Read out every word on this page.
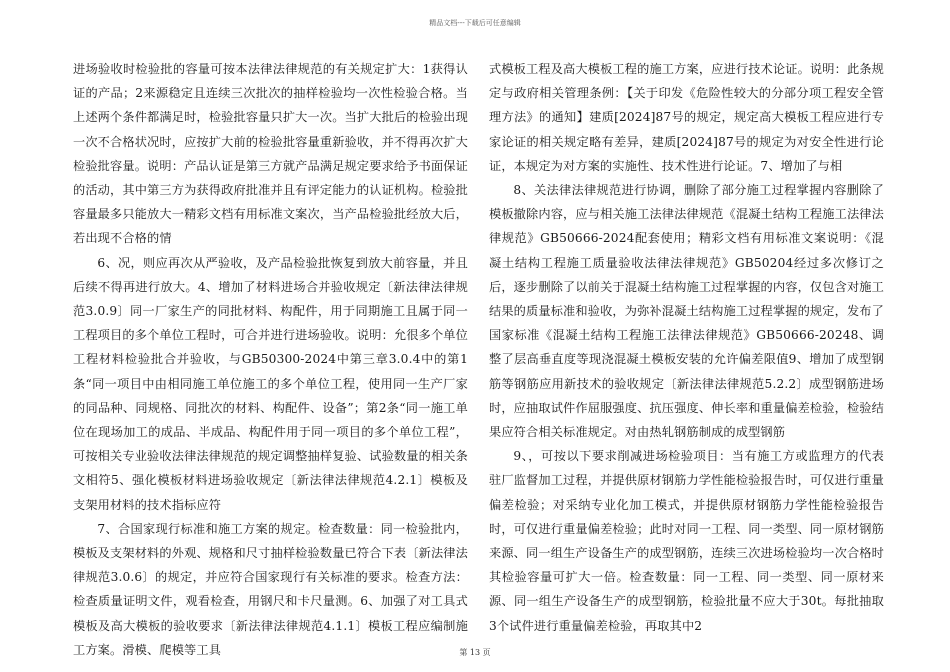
精品文档---下载后可任意编辑

进场验收时检验批的容量可按本法律法律规范的有关规定扩大：1获得认证的产品；2来源稳定且连续三次批次的抽样检验均一次性检验合格。当上述两个条件都满足时，检验批容量只扩大一次。当扩大批后的检验出现一次不合格状况时，应按扩大前的检验批容量重新验收，并不得再次扩大检验批容量。说明：产品认证是第三方就产品满足规定要求给予书面保证的活动，其中第三方为获得政府批准并且有评定能力的认证机构。检验批容量最多只能放大一精彩文档有用标准文案次，当产品检验批经放大后，若出现不合格的情

6、况，则应再次从严验收，及产品检验批恢复到放大前容量，并且后续不得再进行放大。4、增加了材料进场合并验收规定〔新法律法律规范3.0.9〕同一厂家生产的同批材料、构配件，用于同期施工且属于同一工程项目的多个单位工程时，可合并进行进场验收。说明：允很多个单位工程材料检验批合并验收，与GB50300-2024中第三章3.0.4中的第1条“同一项目中由相同施工单位施工的多个单位工程，使用同一生产厂家的同品种、同规格、同批次的材料、构配件、设备”；第2条“同一施工单位在现场加工的成品、半成品、构配件用于同一项目的多个单位工程”，可按相关专业验收法律法律规范的规定调整抽样复验、试验数量的相关条文相符5、强化模板材料进场验收规定〔新法律法律规范4.2.1〕模板及支架用材料的技术指标应符

7、合国家现行标准和施工方案的规定。检查数量：同一检验批内，模板及支架材料的外观、规格和尺寸抽样检验数量已符合下表〔新法律法律规范3.0.6〕的规定，并应符合国家现行有关标准的要求。检查方法：检查质量证明文件，观看检查，用钢尺和卡尺量测。6、加强了对工具式模板及高大模板的验收要求〔新法律法律规范4.1.1〕模板工程应编制施工方案。滑模、爬模等工具

式模板工程及高大模板工程的施工方案，应进行技术论证。说明：此条规定与政府相关管理条例：【关于印发《危险性较大的分部分项工程安全管理方法》的通知】建质[2024]87号的规定，规定高大模板工程应进行专家论证的相关规定略有差异，建质[2024]87号的规定为对安全性进行论证，本规定为对方案的实施性、技术性进行论证。7、增加了与相

8、关法律法律规范进行协调，删除了部分施工过程掌握内容删除了模板撤除内容，应与相关施工法律法律规范《混凝土结构工程施工法律法律规范》GB50666-2024配套使用；精彩文档有用标准文案说明：《混凝土结构工程施工质量验收法律法律规范》GB50204经过多次修订之后，逐步删除了以前关于混凝土结构施工过程掌握的内容，仅包含对施工结果的质量标准和验收，为弥补混凝土结构施工过程掌握的规定，发布了国家标准《混凝土结构工程施工法律法律规范》GB50666-20248、调整了层高垂直度等现浇混凝土模板安装的允许偏差限值9、增加了成型钢筋等钢筋应用新技术的验收规定〔新法律法律规范5.2.2〕成型钢筋进场时，应抽取试件作屈服强度、抗压强度、伸长率和重量偏差检验，检验结果应符合相关标准规定。对由热轧钢筋制成的成型钢筋

9、，可按以下要求削减进场检验项目：当有施工方或监理方的代表驻厂监督加工过程，并提供原材钢筋力学性能检验报告时，可仅进行重量偏差检验；对采纳专业化加工模式，并提供原材钢筋力学性能检验报告时，可仅进行重量偏差检验；此时对同一工程、同一类型、同一原材钢筋来源、同一组生产设备生产的成型钢筋，连续三次进场检验均一次合格时其检验容量可扩大一倍。检查数量：同一工程、同一类型、同一原材来源、同一组生产设备生产的成型钢筋，检验批量不应大于30t。每批抽取3个试件进行重量偏差检验，再取其中2

第 13 页
